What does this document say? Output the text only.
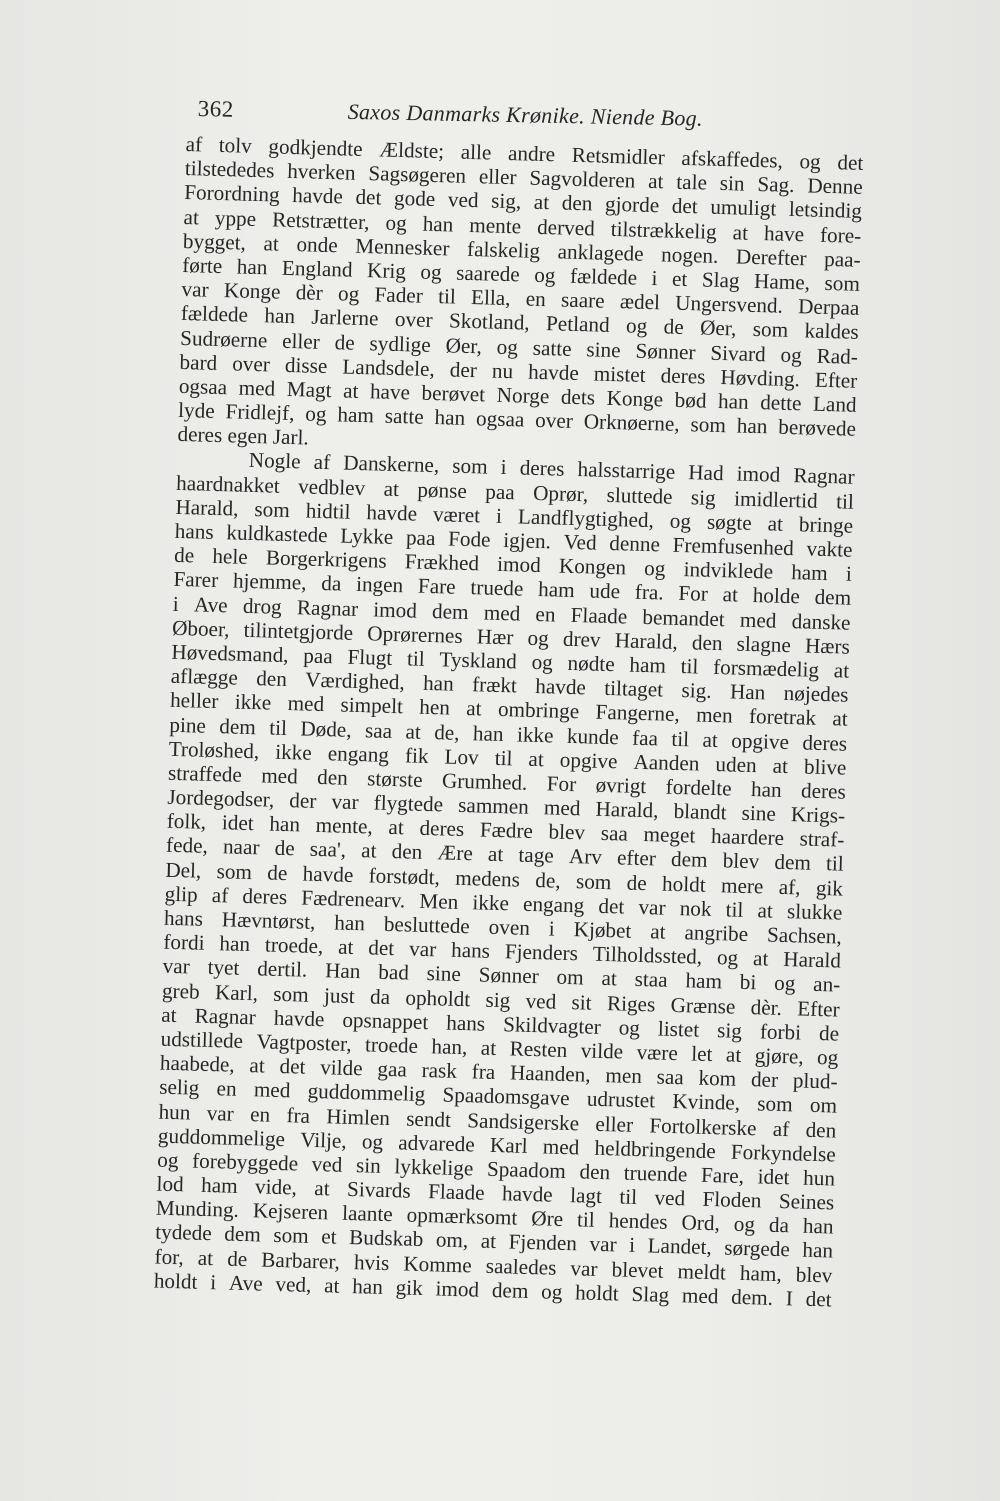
362	Saxos Danmarks Krønike. Niende Bog.
af tolv godkjendte Ældste; alle andre Retsmidler afskaffedes, og det
tilstededes hverken Sagsøgeren eller Sagvolderen at tale sin Sag. Denne
Forordning havde det gode ved sig, at den gjorde det umuligt letsindig
at yppe Retstrætter, og han mente derved tilstrækkelig at have fore-
bygget, at onde Mennesker falskelig anklagede nogen. Derefter paa-
førte han England Krig og saarede og fældede i et Slag Hame, som
var Konge dèr og Fader til Ella, en saare ædel Ungersvend. Derpaa
fældede han Jarlerne over Skotland, Petland og de Øer, som kaldes
Sudrøerne eller de sydlige Øer, og satte sine Sønner Sivard og Rad-
bard over disse Landsdele, der nu havde mistet deres Høvding. Efter
ogsaa med Magt at have berøvet Norge dets Konge bød han dette Land
lyde Fridlejf, og ham satte han ogsaa over Orknøerne, som han berøvede
deres egen Jarl.
Nogle af Danskerne, som i deres halsstarrige Had imod Ragnar
haardnakket vedblev at pønse paa Oprør, sluttede sig imidlertid til
Harald, som hidtil havde været i Landflygtighed, og søgte at bringe
hans kuldkastede Lykke paa Fode igjen. Ved denne Fremfusenhed vakte
de hele Borgerkrigens Frækhed imod Kongen og indviklede ham i
Farer hjemme, da ingen Fare truede ham ude fra. For at holde dem
i Ave drog Ragnar imod dem med en Flaade bemandet med danske
Øboer, tilintetgjorde Oprørernes Hær og drev Harald, den slagne Hærs
Høvedsmand, paa Flugt til Tyskland og nødte ham til forsmædelig at
aflægge den Værdighed, han frækt havde tiltaget sig. Han nøjedes
heller ikke med simpelt hen at ombringe Fangerne, men foretrak at
pine dem til Døde, saa at de, han ikke kunde faa til at opgive deres
Troløshed, ikke engang fik Lov til at opgive Aanden uden at blive
straffede med den største Grumhed. For øvrigt fordelte han deres
Jordegodser, der var flygtede sammen med Harald, blandt sine Krigs-
folk, idet han mente, at deres Fædre blev saa meget haardere straf-
fede, naar de saa', at den Ære at tage Arv efter dem blev dem til
Del, som de havde forstødt, medens de, som de holdt mere af, gik
glip af deres Fædrenearv. Men ikke engang det var nok til at slukke
hans Hævntørst, han besluttede oven i Kjøbet at angribe Sachsen,
fordi han troede, at det var hans Fjenders Tilholdssted, og at Harald
var tyet dertil. Han bad sine Sønner om at staa ham bi og an-
greb Karl, som just da opholdt sig ved sit Riges Grænse dèr. Efter
at Ragnar havde opsnappet hans Skildvagter og listet sig forbi de
udstillede Vagtposter, troede han, at Resten vilde være let at gjøre, og
haabede, at det vilde gaa rask fra Haanden, men saa kom der plud-
selig en med guddommelig Spaadomsgave udrustet Kvinde, som om
hun var en fra Himlen sendt Sandsigerske eller Fortolkerske af den
guddommelige Vilje, og advarede Karl med heldbringende Forkyndelse
og forebyggede ved sin lykkelige Spaadom den truende Fare, idet hun
lod ham vide, at Sivards Flaade havde lagt til ved Floden Seines
Munding. Kejseren laante opmærksomt Øre til hendes Ord, og da han
tydede dem som et Budskab om, at Fjenden var i Landet, sørgede han
for, at de Barbarer, hvis Komme saaledes var blevet meldt ham, blev
holdt i Ave ved, at han gik imod dem og holdt Slag med dem. I det
